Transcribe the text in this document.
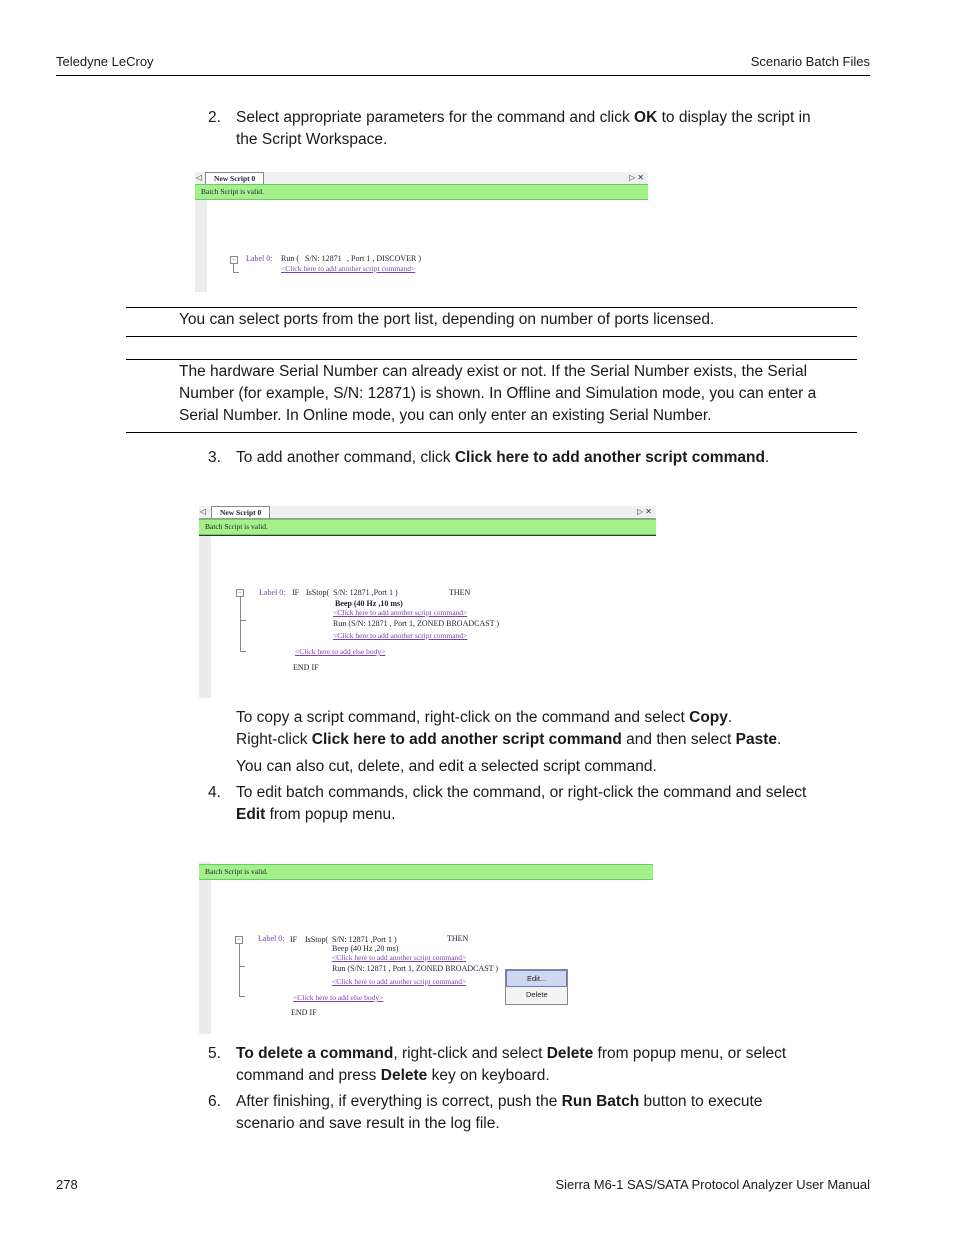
Teledyne LeCroy	Scenario Batch Files
2. Select appropriate parameters for the command and click OK to display the script in
the Script Workspace.
◁	New Script 0	▷ ✕
Batch Script is valid.
− Label 0: Run ( S/N: 12871 , Port 1 , DISCOVER )
<Click here to add another script command>
You can select ports from the port list, depending on number of ports licensed.
The hardware Serial Number can already exist or not. If the Serial Number exists, the Serial
Number (for example, S/N: 12871) is shown. In Offline and Simulation mode, you can enter a
Serial Number. In Online mode, you can only enter an existing Serial Number.
3. To add another command, click Click here to add another script command.
◁	New Script 0	▷ ✕
Batch Script is valid.
− Label 0: IF IsStop( S/N: 12871 ,Port 1 )	THEN
Beep (40 Hz ,10 ms)
<Click here to add another script command>
Run (S/N: 12871 , Port 1, ZONED BROADCAST )
<Click here to add another script command>
<Click here to add else body>
END IF
To copy a script command, right-click on the command and select Copy.
Right-click Click here to add another script command and then select Paste.
You can also cut, delete, and edit a selected script command.
4. To edit batch commands, click the command, or right-click the command and select
Edit from popup menu.
Batch Script is valid.
− Label 0: IF IsStop( S/N: 12871 ,Port 1 )	THEN
Beep (40 Hz ,20 ms)
<Click here to add another script command>
Run (S/N: 12871 , Port 1, ZONED BROADCAST )
<Click here to add another script command>
<Click here to add else body>
END IF
Edit...
Delete
5. To delete a command, right-click and select Delete from popup menu, or select
command and press Delete key on keyboard.
6. After finishing, if everything is correct, push the Run Batch button to execute
scenario and save result in the log file.
278	Sierra M6-1 SAS/SATA Protocol Analyzer User Manual
